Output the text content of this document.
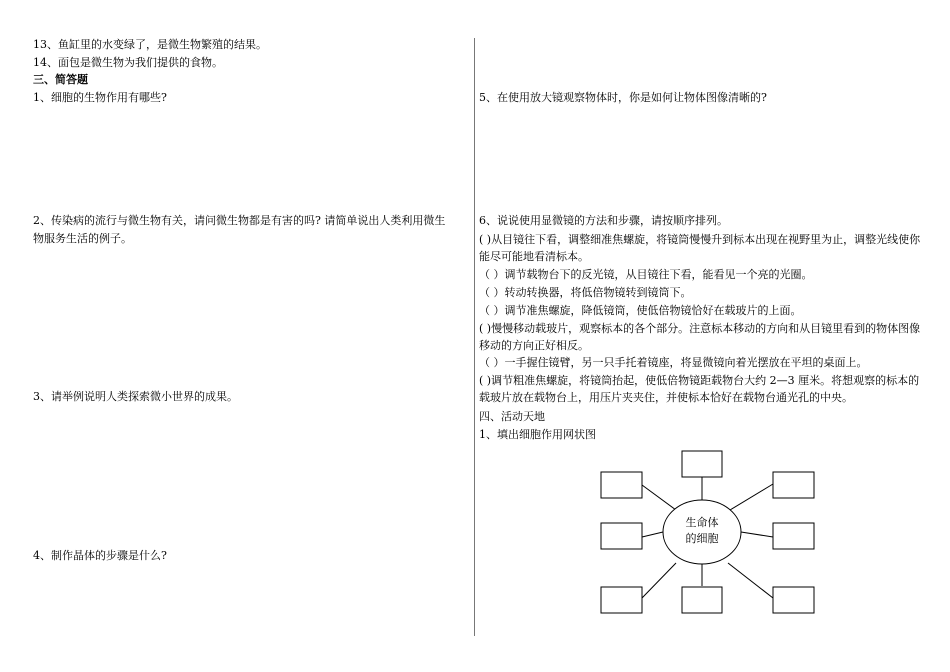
13、鱼缸里的水变绿了，是微生物繁殖的结果。
14、面包是微生物为我们提供的食物。
三、简答题
1、细胞的生物作用有哪些?
2、传染病的流行与微生物有关，请问微生物都是有害的吗? 请简单说出人类利用微生
物服务生活的例子。
3、请举例说明人类探索微小世界的成果。
4、制作晶体的步骤是什么?
5、在使用放大镜观察物体时，你是如何让物体图像清晰的?
6、说说使用显微镜的方法和步骤，请按顺序排列。
( )从目镜往下看，调整细准焦螺旋，将镜筒慢慢升到标本出现在视野里为止，调整光线使你能尽可能地看清标本。
（ ）调节载物台下的反光镜，从目镜往下看，能看见一个亮的光圈。
（ ）转动转换器，将低倍物镜转到镜筒下。
（ ）调节准焦螺旋，降低镜筒，使低倍物镜恰好在载玻片的上面。
( )慢慢移动载玻片，观察标本的各个部分。注意标本移动的方向和从目镜里看到的物体图像移动的方向正好相反。
（ ）一手握住镜臂，另一只手托着镜座，将显微镜向着光摆放在平坦的桌面上。
( )调节粗准焦螺旋，将镜筒抬起，使低倍物镜距载物台大约 2—3 厘米。将想观察的标本的载玻片放在载物台上，用压片夹夹住，并使标本恰好在载物台通光孔的中央。
四、活动天地
1、填出细胞作用网状图
生命体
的细胞
